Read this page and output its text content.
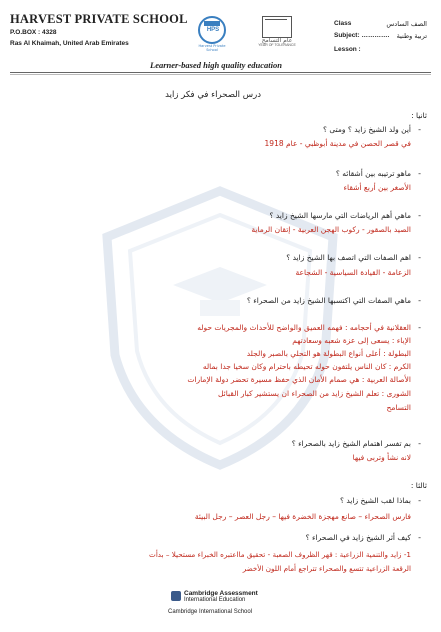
HARVEST PRIVATE SCHOOL
P.O.BOX : 4328
Ras Al Khaimah, United Arab Emirates
HPS
Harvest Private School
عام التسامح
YEAR OF TOLERANCE
Class	الصف السادس
Subject: …………. تربية وطنية
Lesson :
Learner-based high quality education
درس الصحراء في فكر زايد
ثانيا :
-
أين ولد الشيخ زايد ؟ ومتى ؟
في قصر الحصن في مدينة أبوظبي - عام 1918
-
ماهو ترتيبه بين أشقائه ؟
الأصغر بين أربع أشقاء
-
ماهي أهم الرياضات التي مارسها الشيخ زايد ؟
الصيد بالصقور - ركوب الهجن العربية - إتقان الرماية
-
اهم الصفات التي اتصف بها الشيخ زايد ؟
الزعامة - القيادة السياسية - الشجاعة
-
ماهي الصفات التي اكتسبها الشيخ زايد من الصحراء ؟
-
العقلانية في أحجامه : فهمه العميق والواضح للأحداث والمجريات حوله
الإباء : يسعى إلى عزة شعبه وسعادتهم
البطولة : أعلى أنواع البطولة هو التحلي بالصبر والجلد
الكرم : كان الناس يلتفون حوله تحيطه باحترام وكان سخيا جدا بماله
الأصالة العربية : هي صمام الأمان الذي حفظ مسيرة تحضر دولة الإمارات
الشورى : تعلم الشيخ زايد من الصحراء ان يستشير كبار القبائل
التسامح
-
بم تفسر اهتمام الشيخ زايد بالصحراء ؟
لانه نشأ وتربى فيها
ثالثا :
-
بماذا لقب الشيخ زايد ؟
فارس الصحراء – صانع مهجزة الخضرة فيها – رجل العصر – رجل البيئة
-
كيف أثر الشيخ زايد في الصحراء ؟
1- زايد والتنمية الزراعية : قهر الظروف الصعبة - تحقيق مااعتبره الخبراء مستحيلا – بدأت
الرقعة الزراعية تتسع والصحراء تتراجع أمام اللون الأخضر
Cambridge Assessment
International Education
Cambridge International School
